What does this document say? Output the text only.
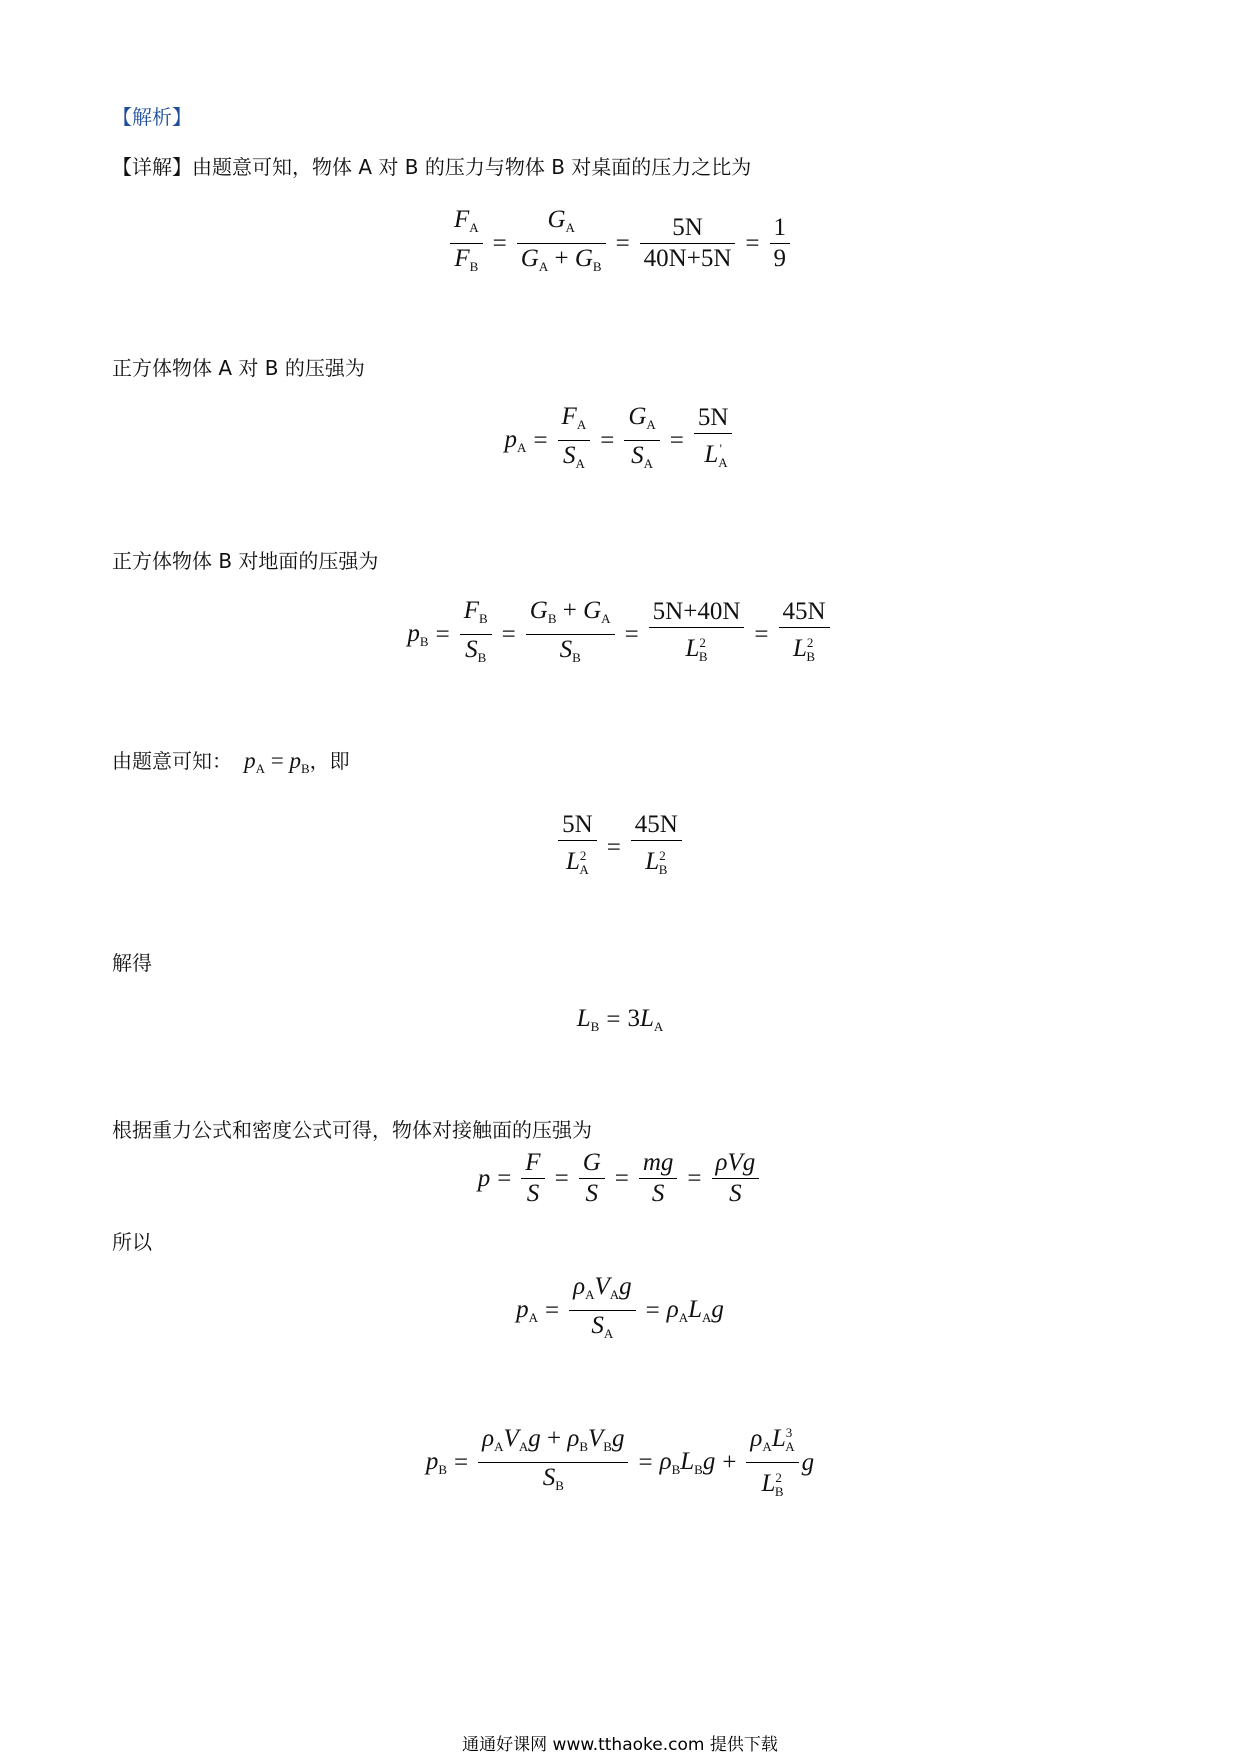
【解析】
【详解】由题意可知，物体 A 对 B 的压力与物体 B 对桌面的压力之比为
$\frac{F_A}{F_B} = \frac{G_A}{G_A + G_B} = \frac{5N}{40N+5N} = \frac{1}{9}$
正方体物体 A 对 B 的压强为
$p_A = \frac{F_A}{S_A} = \frac{G_A}{S_A} = \frac{5N}{L_A'}$
正方体物体 B 对地面的压强为
$p_B = \frac{F_B}{S_B} = \frac{G_B + G_A}{S_B} = \frac{5N+40N}{L^2_B} = \frac{45N}{L^2_B}$
由题意可知： $p_A = p_B$，即
$\frac{5N}{L^2_A} = \frac{45N}{L^2_B}$
解得
$L_B = 3L_A$
根据重力公式和密度公式可得，物体对接触面的压强为
$p = \frac{F}{S} = \frac{G}{S} = \frac{mg}{S} = \frac{\text{ρVg}}{S}$
所以
$p_A = \frac{\rho_AV_Ag}{S_A} = \rho_AL_Ag$
$p_B = \frac{\rho_AV_Ag + \rho_BV_Bg}{S_B} = \rho_BL_Bg + \frac{\rho_AL^3_A}{L^2_B}$ g
通通好课网 www.tthaoke.com 提供下载
